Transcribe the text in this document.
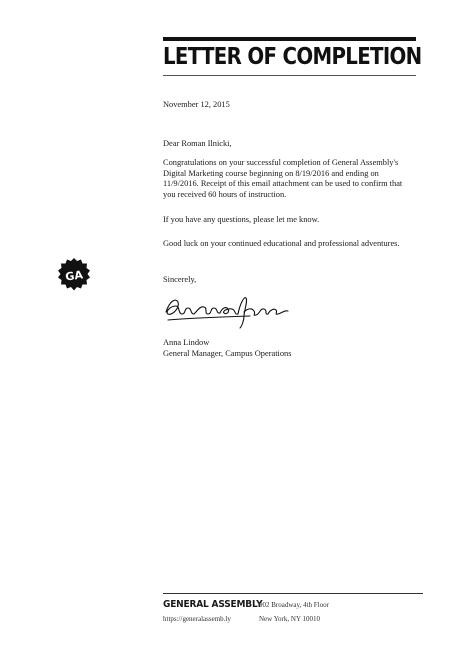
LETTER OF COMPLETION
GA

November 12, 2015

Dear Roman Ilnicki,

Congratulations on your successful completion of General Assembly's Digital Marketing course beginning on 8/19/2016 and ending on 11/9/2016. Receipt of this email attachment can be used to confirm that you received 60 hours of instruction.

If you have any questions, please let me know.

Good luck on your continued educational and professional adventures.

Sincerely,

Anna Lindow

General Manager, Campus Operations

GENERAL ASSEMBLY
https://generalassemb.ly
902 Broadway, 4th Floor
New York, NY 10010
